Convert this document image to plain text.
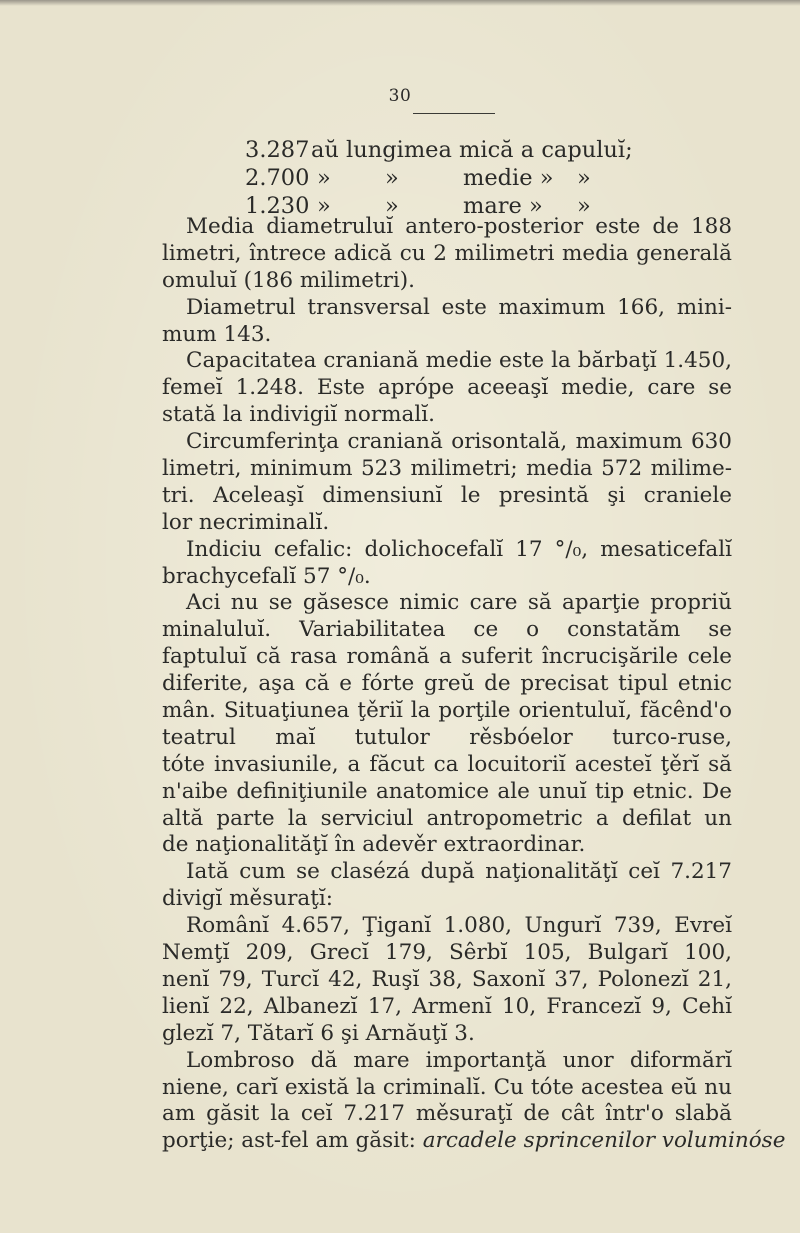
30
3.287 aŭ lungimea mică a capuluĭ;
2.700 » »	medie » »
1.230 » »	mare » »
Media diametruluĭ antero-posterior este de 188
limetri, întrece adică cu 2 milimetri media generală
omuluĭ (186 milimetri).
Diametrul transversal este maximum 166, mini-
mum 143.
Capacitatea craniană medie este la bărbaţĭ 1.450,
femeĭ 1.248. Este aprópe aceeaşĭ medie, care se
stată la indivigiĭ normalĭ.
Circumferinţa craniană orisontală, maximum 630
limetri, minimum 523 milimetri; media 572 milime-
tri. Aceleaşĭ dimensiunĭ le presintă şi craniele
lor necriminalĭ.
Indiciu cefalic: dolichocefalĭ 17 °/₀, mesaticefalĭ
brachycefalĭ 57 °/₀.
Aci nu se găsesce nimic care să aparţie propriŭ
minaluluĭ. Variabilitatea ce o constatăm se
faptuluĭ că rasa română a suferit încrucişările cele
diferite, aşa că e fórte greŭ de precisat tipul etnic
mân. Situaţiunea ţěriĭ la porţile orientuluĭ, făcênd'o
teatrul maĭ tutulor rěsbóelor turco-ruse,
tóte invasiunile, a făcut ca locuitoriĭ acesteĭ ţěrĭ să
n'aibe definiţiunile anatomice ale unuĭ tip etnic. De
altă parte la serviciul antropometric a defilat un
de naţionalităţĭ în adevěr extraordinar.
Iată cum se clasézá după naţionalităţĭ ceĭ 7.217
divigĭ měsuraţĭ:
Românĭ 4.657, Ţiganĭ 1.080, Ungurĭ 739, Evreĭ
Nemţĭ 209, Grecĭ 179, Sêrbĭ 105, Bulgarĭ 100,
nenĭ 79, Turcĭ 42, Ruşĭ 38, Saxonĭ 37, Polonezĭ 21,
lienĭ 22, Albanezĭ 17, Armenĭ 10, Francezĭ 9, Cehĭ
glezĭ 7, Tătarĭ 6 şi Arnăuţĭ 3.
Lombroso dă mare importanţă unor diformărĭ
niene, carĭ există la criminalĭ. Cu tóte acestea eŭ nu
am găsit la ceĭ 7.217 měsuraţĭ de cât într'o slabă
porţie; ast-fel am găsit: arcadele sprincenilor voluminóse
